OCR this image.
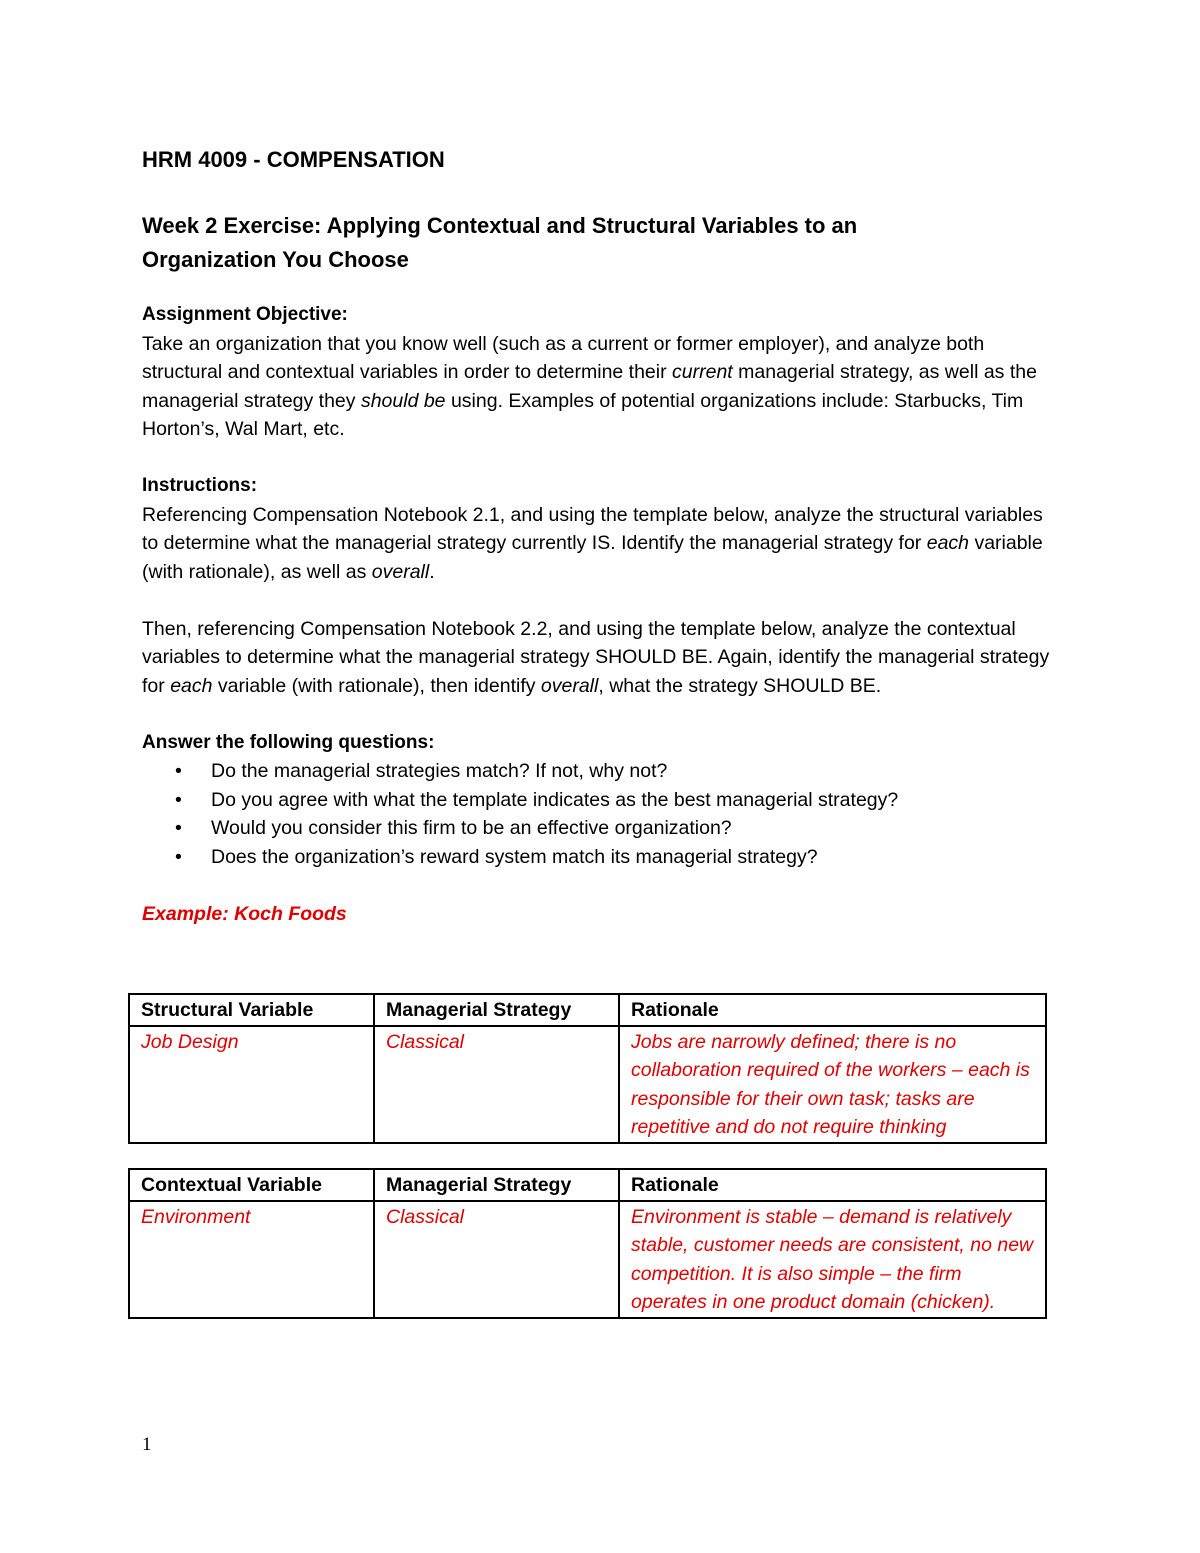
HRM 4009 - COMPENSATION
Week 2 Exercise: Applying Contextual and Structural Variables to an
Organization You Choose
Assignment Objective:

Take an organization that you know well (such as a current or former employer), and analyze both structural and contextual variables in order to determine their current managerial strategy, as well as the managerial strategy they should be using. Examples of potential organizations include: Starbucks, Tim Horton’s, Wal Mart, etc.

Instructions:

Referencing Compensation Notebook 2.1, and using the template below, analyze the structural variables to determine what the managerial strategy currently IS. Identify the managerial strategy for each variable (with rationale), as well as overall.

Then, referencing Compensation Notebook 2.2, and using the template below, analyze the contextual variables to determine what the managerial strategy SHOULD BE. Again, identify the managerial strategy for each variable (with rationale), then identify overall, what the strategy SHOULD BE.

Answer the following questions:
• Do the managerial strategies match? If not, why not?
• Do you agree with what the template indicates as the best managerial strategy?
• Would you consider this firm to be an effective organization?
• Does the organization’s reward system match its managerial strategy?
Example: Koch Foods
Structural Variable	Managerial Strategy	Rationale
Job Design	Classical	Jobs are narrowly defined; there is no collaboration required of the workers – each is responsible for their own task; tasks are repetitive and do not require thinking
Contextual Variable	Managerial Strategy	Rationale
Environment	Classical	Environment is stable – demand is relatively stable, customer needs are consistent, no new competition. It is also simple – the firm operates in one product domain (chicken).
1
